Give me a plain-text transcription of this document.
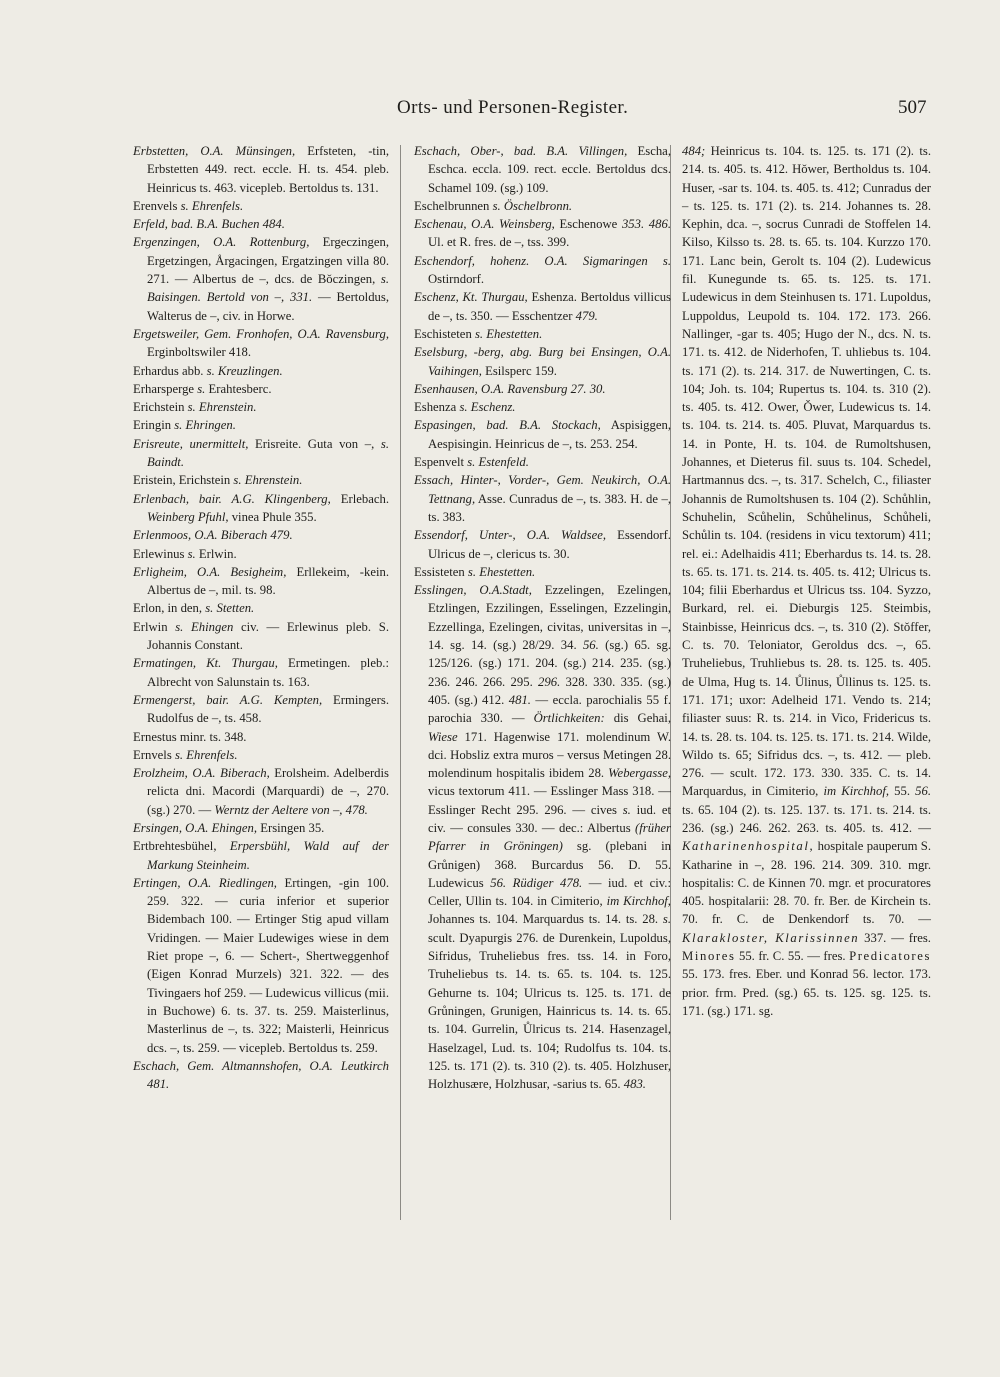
Orts- und Personen-Register.	507
Erbstetten, O.A. Münsingen, Erfsteten, -tin, Erbstetten 449. rect. eccle. H. ts. 454. pleb. Heinricus ts. 463. vicepleb. Bertoldus ts. 131.
Erenvels s. Ehrenfels.
Erfeld, bad. B.A. Buchen 484.
Ergenzingen, O.A. Rottenburg, Ergeczingen, Ergetzingen, Årgacingen, Ergatzingen villa 80. 271. — Albertus de –, dcs. de Bǒczingen, s. Baisingen. Bertold von –, 331. — Bertoldus, Walterus de –, civ. in Horwe.
Ergetsweiler, Gem. Fronhofen, O.A. Ravensburg, Erginboltswiler 418.
Erhardus abb. s. Kreuzlingen.
Erharsperge s. Erahtesberc.
Erichstein s. Ehrenstein.
Eringin s. Ehringen.
Erisreute, unermittelt, Erisreite. Guta von –, s. Baindt.
Eristein, Erichstein s. Ehrenstein.
Erlenbach, bair. A.G. Klingenberg, Erlebach. Weinberg Pfuhl, vinea Phule 355.
Erlenmoos, O.A. Biberach 479.
Erlewinus s. Erlwin.
Erligheim, O.A. Besigheim, Erllekeim, -kein. Albertus de –, mil. ts. 98.
Erlon, in den, s. Stetten.
Erlwin s. Ehingen civ. — Erlewinus pleb. S. Johannis Constant.
Ermatingen, Kt. Thurgau, Ermetingen. pleb.: Albrecht von Salunstain ts. 163.
Ermengerst, bair. A.G. Kempten, Ermingers. Rudolfus de –, ts. 458.
Ernestus minr. ts. 348.
Ernvels s. Ehrenfels.
Erolzheim, O.A. Biberach, Erolsheim. Adelberdis relicta dni. Macordi (Marquardi) de –, 270. (sg.) 270. — Werntz der Aeltere von –, 478.
Ersingen, O.A. Ehingen, Ersingen 35.
Ertbrehtesbühel, Erpersbühl, Wald auf der Markung Steinheim.
Ertingen, O.A. Riedlingen, Ertingen, -gin 100. 259. 322. — curia inferior et superior Bidembach 100. — Ertinger Stig apud villam Vridingen. — Maier Ludewiges wiese in dem Riet prope –, 6. — Schert-, Shertweggenhof (Eigen Konrad Murzels) 321. 322. — des Tivingaers hof 259. — Ludewicus villicus (mii. in Buchowe) 6. ts. 37. ts. 259. Maisterlinus, Masterlinus de –, ts. 322; Maisterli, Heinricus dcs. –, ts. 259. — vicepleb. Bertoldus ts. 259.
Eschach, Gem. Altmannshofen, O.A. Leutkirch 481.
Eschach, Ober-, bad. B.A. Villingen, Escha, Eschca. eccla. 109. rect. eccle. Bertoldus dcs. Schamel 109. (sg.) 109.
Eschelbrunnen s. Öschelbronn.
Eschenau, O.A. Weinsberg, Eschenowe 353. 486. Ul. et R. fres. de –, tss. 399.
Eschendorf, hohenz. O.A. Sigmaringen s. Ostirndorf.
Eschenz, Kt. Thurgau, Eshenza. Bertoldus villicus de –, ts. 350. — Esschentzer 479.
Eschisteten s. Ehestetten.
Eselsburg, -berg, abg. Burg bei Ensingen, O.A. Vaihingen, Esilsperc 159.
Esenhausen, O.A. Ravensburg 27. 30.
Eshenza s. Eschenz.
Espasingen, bad. B.A. Stockach, Aspisiggen, Aespisingin. Heinricus de –, ts. 253. 254.
Espenvelt s. Estenfeld.
Essach, Hinter-, Vorder-, Gem. Neukirch, O.A. Tettnang, Asse. Cunradus de –, ts. 383. H. de –, ts. 383.
Essendorf, Unter-, O.A. Waldsee, Essendorf. Ulricus de –, clericus ts. 30.
Essisteten s. Ehestetten.
Esslingen, O.A.Stadt, Ezzelingen, Ezelingen, Etzlingen, Ezzilingen, Esselingen, Ezzelingin, Ezzellinga, Ezelingen, civitas, universitas in –, 14. sg. 14. (sg.) 28/29. 34. 56. (sg.) 65. sg. 125/126. (sg.) 171. 204. (sg.) 214. 235. (sg.) 236. 246. 266. 295. 296. 328. 330. 335. (sg.) 405. (sg.) 412. 481. — eccla. parochialis 55 f. parochia 330. — Örtlichkeiten: dis Gehai, Wiese 171. Hagenwise 171. molendinum W. dci. Hobsliz extra muros – versus Metingen 28. molendinum hospitalis ibidem 28. Webergasse, vicus textorum 411. — Esslinger Mass 318. — Esslinger Recht 295. 296. — cives s. iud. et civ. — consules 330. — dec.: Albertus (früher Pfarrer in Gröningen) sg. (plebani in Grůnigen) 368. Burcardus 56. D. 55. Ludewicus 56. Rüdiger 478. — iud. et civ.: Celler, Ullin ts. 104. in Cimiterio, im Kirchhof, Johannes ts. 104. Marquardus ts. 14. ts. 28. s. scult. Dyapurgis 276. de Durenkein, Lupoldus, Sifridus, Truheliebus fres. tss. 14. in Foro, Truheliebus ts. 14. ts. 65. ts. 104. ts. 125. Gehurne ts. 104; Ulricus ts. 125. ts. 171. de Grůningen, Grunigen, Hainricus ts. 14. ts. 65. ts. 104. Gurrelin, Ůlricus ts. 214. Hasenzagel, Haselzagel, Lud. ts. 104; Rudolfus ts. 104. ts. 125. ts. 171 (2). ts. 310 (2). ts. 405. Holzhuser, Holzhusære, Holzhusar, -sarius ts. 65. 483.
484; Heinricus ts. 104. ts. 125. ts. 171 (2). ts. 214. ts. 405. ts. 412. Hǒwer, Bertholdus ts. 104. Huser, -sar ts. 104. ts. 405. ts. 412; Cunradus der – ts. 125. ts. 171 (2). ts. 214. Johannes ts. 28. Kephin, dca. –, socrus Cunradi de Stoffelen 14. Kilso, Kilsso ts. 28. ts. 65. ts. 104. Kurzzo 170. 171. Lanc bein, Gerolt ts. 104 (2). Ludewicus fil. Kunegunde ts. 65. ts. 125. ts. 171. Ludewicus in dem Steinhusen ts. 171. Lupoldus, Luppoldus, Leupold ts. 104. 172. 173. 266. Nallinger, -gar ts. 405; Hugo der N., dcs. N. ts. 171. ts. 412. de Niderhofen, T. uhliebus ts. 104. ts. 171 (2). ts. 214. 317. de Nuwertingen, C. ts. 104; Joh. ts. 104; Rupertus ts. 104. ts. 310 (2). ts. 405. ts. 412. Ower, Ǒwer, Ludewicus ts. 14. ts. 104. ts. 214. ts. 405. Pluvat, Marquardus ts. 14. in Ponte, H. ts. 104. de Rumoltshusen, Johannes, et Dieterus fil. suus ts. 104. Schedel, Hartmannus dcs. –, ts. 317. Schelch, C., filiaster Johannis de Rumoltshusen ts. 104 (2). Schůhlin, Schuhelin, Scůhelin, Schůhelinus, Schůheli, Schůlin ts. 104. (residens in vicu textorum) 411; rel. ei.: Adelhaidis 411; Eberhardus ts. 14. ts. 28. ts. 65. ts. 171. ts. 214. ts. 405. ts. 412; Ulricus ts. 104; filii Eberhardus et Ulricus tss. 104. Syzzo, Burkard, rel. ei. Dieburgis 125. Steimbis, Stainbisse, Heinricus dcs. –, ts. 310 (2). Stǒffer, C. ts. 70. Teloniator, Geroldus dcs. –, 65. Truheliebus, Truhliebus ts. 28. ts. 125. ts. 405. de Ulma, Hug ts. 14. Ůlinus, Ůllinus ts. 125. ts. 171. 171; uxor: Adelheid 171. Vendo ts. 214; filiaster suus: R. ts. 214. in Vico, Fridericus ts. 14. ts. 28. ts. 104. ts. 125. ts. 171. ts. 214. Wilde, Wildo ts. 65; Sifridus dcs. –, ts. 412. — pleb. 276. — scult. 172. 173. 330. 335. C. ts. 14. Marquardus, in Cimiterio, im Kirchhof, 55. 56. ts. 65. 104 (2). ts. 125. 137. ts. 171. ts. 214. ts. 236. (sg.) 246. 262. 263. ts. 405. ts. 412. — Katharinenhospital, hospitale pauperum S. Katharine in –, 28. 196. 214. 309. 310. mgr. hospitalis: C. de Kinnen 70. mgr. et procuratores 405. hospitalarii: 28. 70. fr. Ber. de Kirchein ts. 70. fr. C. de Denkendorf ts. 70. — Klarakloster, Klarissinnen 337. — fres. Minores 55. fr. C. 55. — fres. Predicatores 55. 173. fres. Eber. und Konrad 56. lector. 173. prior. frm. Pred. (sg.) 65. ts. 125. sg. 125. ts. 171. (sg.) 171. sg.
